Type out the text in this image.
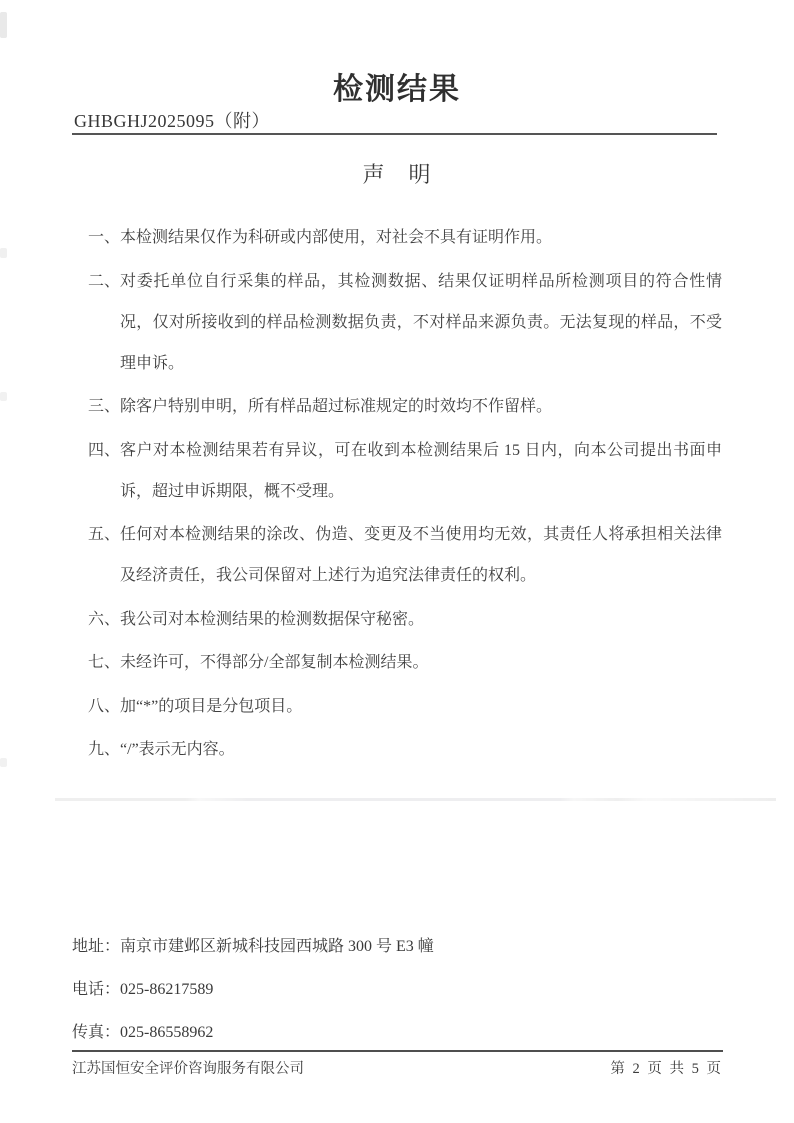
检测结果
GHBGHJ2025095（附）
声　明
一、 本检测结果仅作为科研或内部使用，对社会不具有证明作用。
二、 对委托单位自行采集的样品，其检测数据、结果仅证明样品所检测项目的符合性情况，仅对所接收到的样品检测数据负责，不对样品来源负责。无法复现的样品，不受理申诉。
三、 除客户特别申明，所有样品超过标准规定的时效均不作留样。
四、 客户对本检测结果若有异议，可在收到本检测结果后 15 日内，向本公司提出书面申诉，超过申诉期限，概不受理。
五、 任何对本检测结果的涂改、伪造、变更及不当使用均无效，其责任人将承担相关法律及经济责任，我公司保留对上述行为追究法律责任的权利。
六、 我公司对本检测结果的检测数据保守秘密。
七、 未经许可，不得部分/全部复制本检测结果。
八、 加“*”的项目是分包项目。
九、 “/”表示无内容。

地址：南京市建邺区新城科技园西城路 300 号 E3 幢

电话：025-86217589

传真：025-86558962

江苏国恒安全评价咨询服务有限公司	第 2 页 共 5 页
